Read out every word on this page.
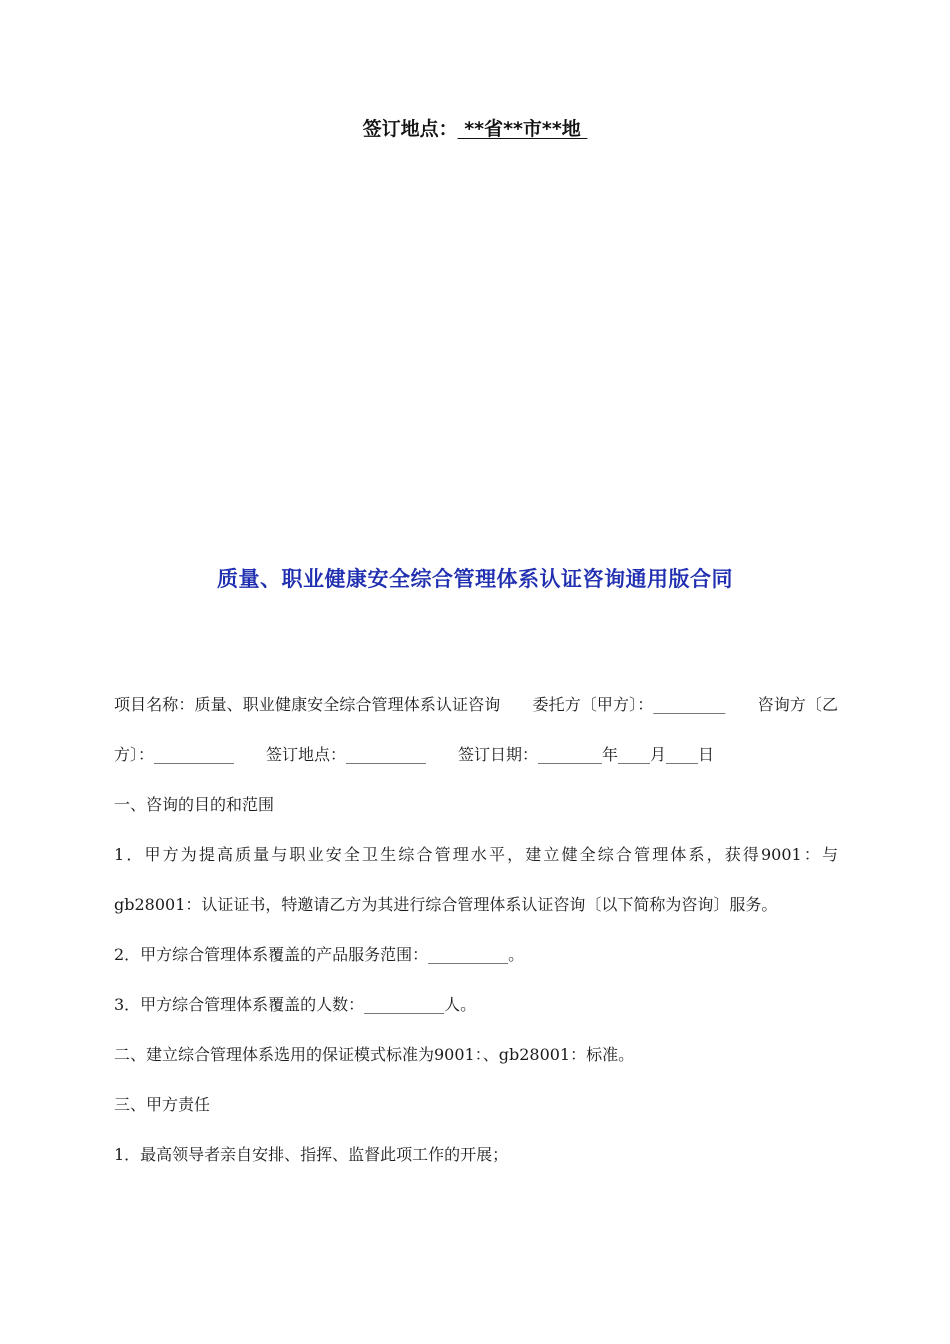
签订地点： **省**市**地
质量、职业健康安全综合管理体系认证咨询通用版合同

项目名称：质量、职业健康安全综合管理体系认证咨询　　委托方〔甲方〕：_________　　咨询方〔乙方〕：__________　　签订地点：__________　　签订日期：________年____月____日

一、咨询的目的和范围

1．甲方为提高质量与职业安全卫生综合管理水平，建立健全综合管理体系，获得9001：与gb28001：认证证书，特邀请乙方为其进行综合管理体系认证咨询〔以下简称为咨询〕服务。

2．甲方综合管理体系覆盖的产品服务范围：__________。

3．甲方综合管理体系覆盖的人数：__________人。

二、建立综合管理体系选用的保证模式标准为9001：、gb28001：标准。

三、甲方责任

1．最高领导者亲自安排、指挥、监督此项工作的开展；
